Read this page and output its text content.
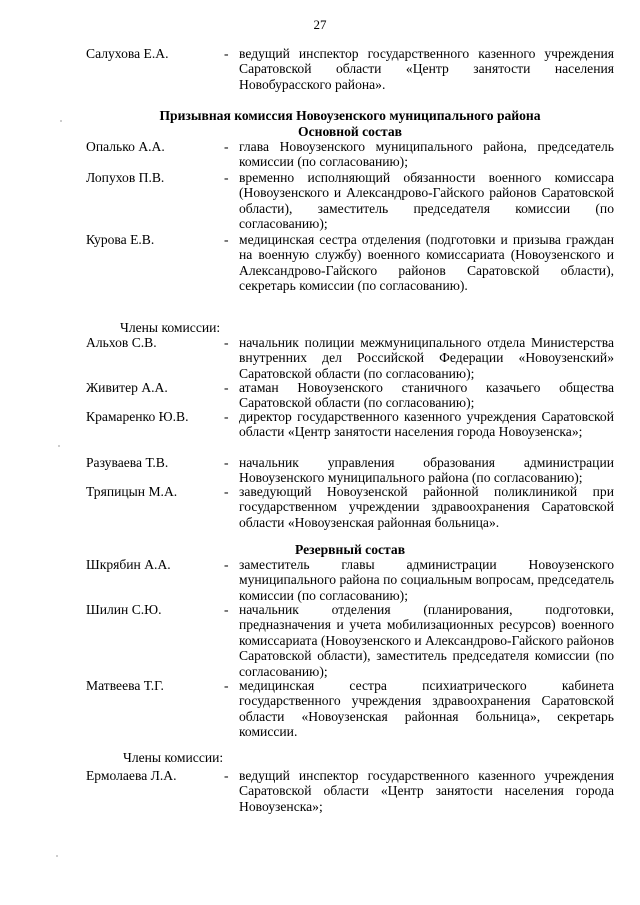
27
Салухова Е.А.	- ведущий инспектор государственного казенного учреждения Саратовской области «Центр занятости населения Новобурасского района».
Призывная комиссия Новоузенского муниципального района
Основной состав
Опалько А.А.	- глава Новоузенского муниципального района, председатель комиссии (по согласованию);
Лопухов П.В.	- временно исполняющий обязанности военного комиссара (Новоузенского и Александрово-Гайского районов Саратовской области), заместитель председателя комиссии (по согласованию);
Курова Е.В.	- медицинская сестра отделения (подготовки и призыва граждан на военную службу) военного комиссариата (Новоузенского и Александрово-Гайского районов Саратовской области), секретарь комиссии (по согласованию).
Члены комиссии:
Альхов С.В.	- начальник полиции межмуниципального отдела Министерства внутренних дел Российской Федерации «Новоузенский» Саратовской области (по согласованию);
Живитер А.А.	- атаман Новоузенского станичного казачьего общества Саратовской области (по согласованию);
Крамаренко Ю.В.	- директор государственного казенного учреждения Саратовской области «Центр занятости населения города Новоузенска»;
Разуваева Т.В.	- начальник управления образования администрации Новоузенского муниципального района (по согласованию);
Тряпицын М.А.	- заведующий Новоузенской районной поликлиникой при государственном учреждении здравоохранения Саратовской области «Новоузенская районная больница».
Резервный состав
Шкрябин А.А.	- заместитель главы администрации Новоузенского муниципального района по социальным вопросам, председатель комиссии (по согласованию);
Шилин С.Ю.	- начальник отделения (планирования, подготовки, предназначения и учета мобилизационных ресурсов) военного комиссариата (Новоузенского и Александрово-Гайского районов Саратовской области), заместитель председателя комиссии (по согласованию);
Матвеева Т.Г.	- медицинская сестра психиатрического кабинета государственного учреждения здравоохранения Саратовской области «Новоузенская районная больница», секретарь комиссии.
Члены комиссии:
Ермолаева Л.А.	- ведущий инспектор государственного казенного учреждения Саратовской области «Центр занятости населения города Новоузенска»;
